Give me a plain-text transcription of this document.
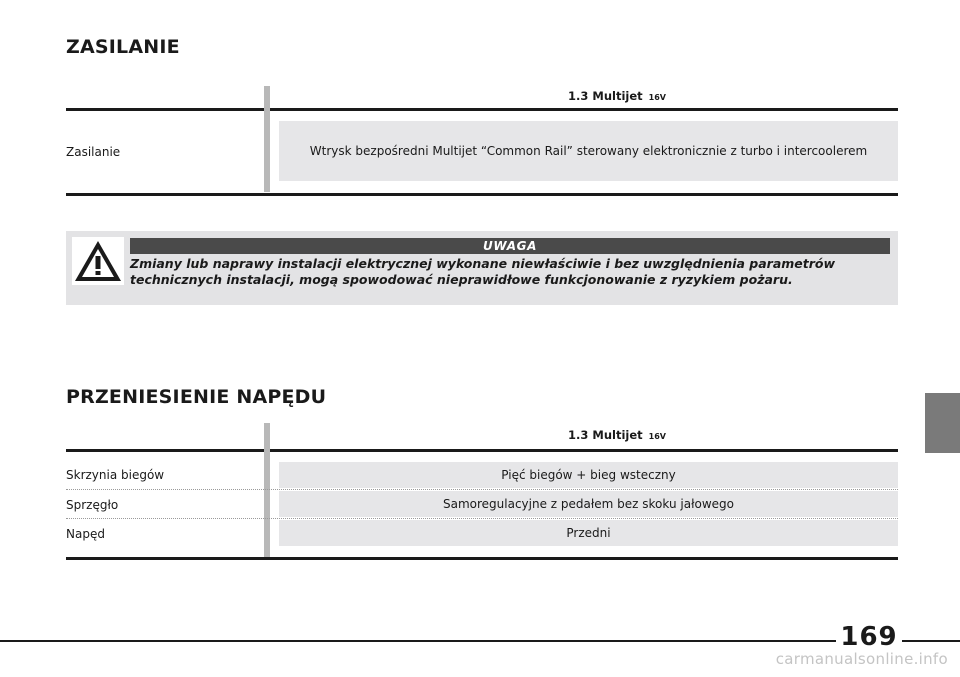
ZASILANIE
1.3 Multijet 16V
Zasilanie	Wtrysk bezpośredni Multijet “Common Rail” sterowany elektronicznie z turbo i intercoolerem
UWAGA

Zmiany lub naprawy instalacji elektrycznej wykonane niewłaściwie i bez uwzględnienia parametrów technicznych instalacji, mogą spowodować nieprawidłowe funkcjonowanie z ryzykiem pożaru.

PRZENIESIENIE NAPĘDU
1.3 Multijet 16V
Skrzynia biegów	Pięć biegów + bieg wsteczny
Sprzęgło	Samoregulacyjne z pedałem bez skoku jałowego
Napęd	Przedni
169
carmanualsonline.info
